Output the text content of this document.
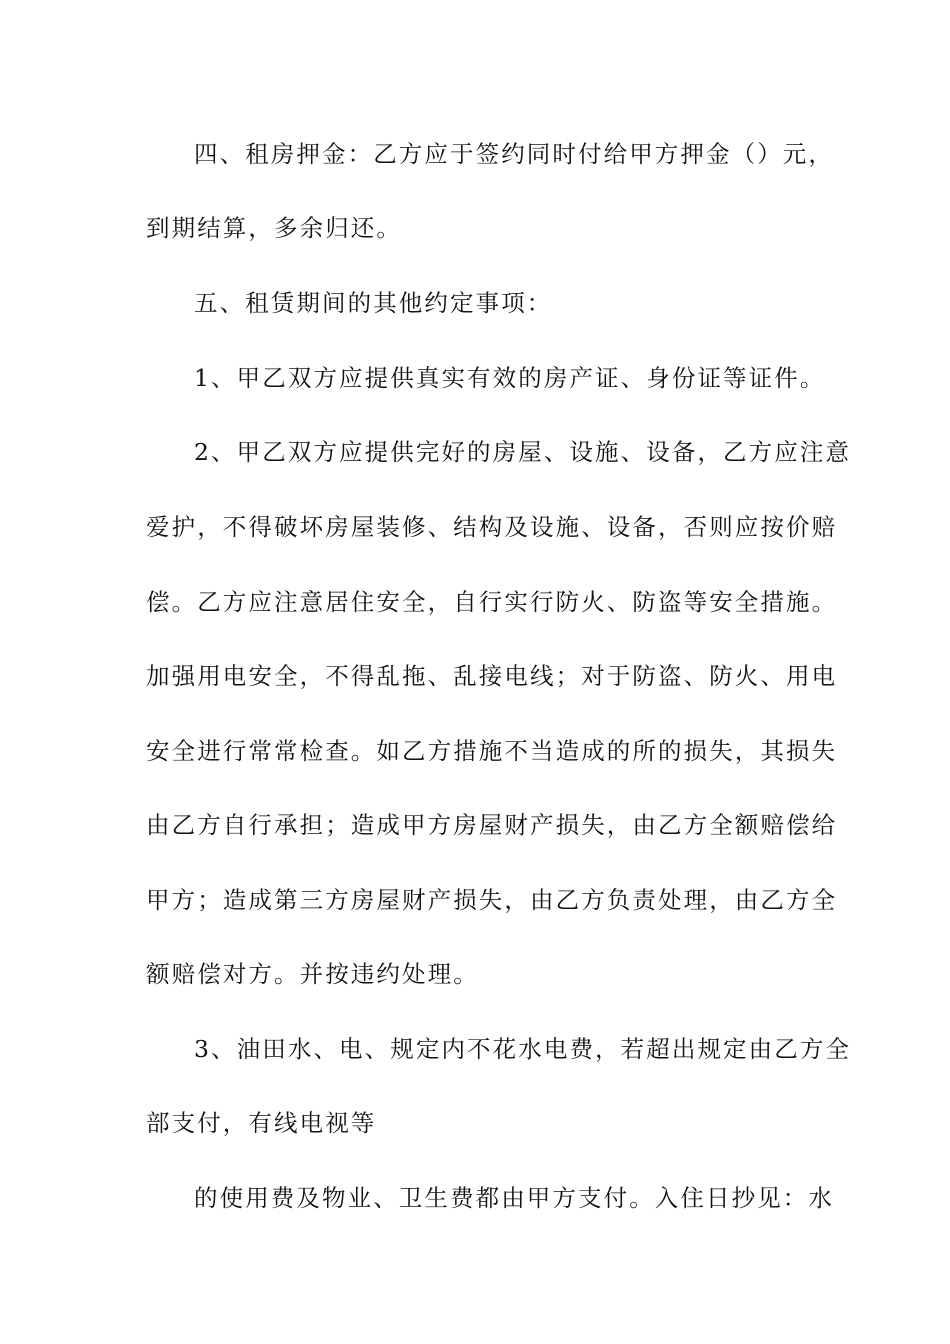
四、租房押金：乙方应于签约同时付给甲方押金（）元，
到期结算，多余归还。
五、租赁期间的其他约定事项：
1、甲乙双方应提供真实有效的房产证、身份证等证件。
2、甲乙双方应提供完好的房屋、设施、设备，乙方应注意
爱护，不得破坏房屋装修、结构及设施、设备，否则应按价赔
偿。乙方应注意居住安全，自行实行防火、防盗等安全措施。
加强用电安全，不得乱拖、乱接电线；对于防盗、防火、用电
安全进行常常检查。如乙方措施不当造成的所的损失，其损失
由乙方自行承担；造成甲方房屋财产损失，由乙方全额赔偿给
甲方；造成第三方房屋财产损失，由乙方负责处理，由乙方全
额赔偿对方。并按违约处理。
3、油田水、电、规定内不花水电费，若超出规定由乙方全
部支付，有线电视等
的使用费及物业、卫生费都由甲方支付。入住日抄见：水
